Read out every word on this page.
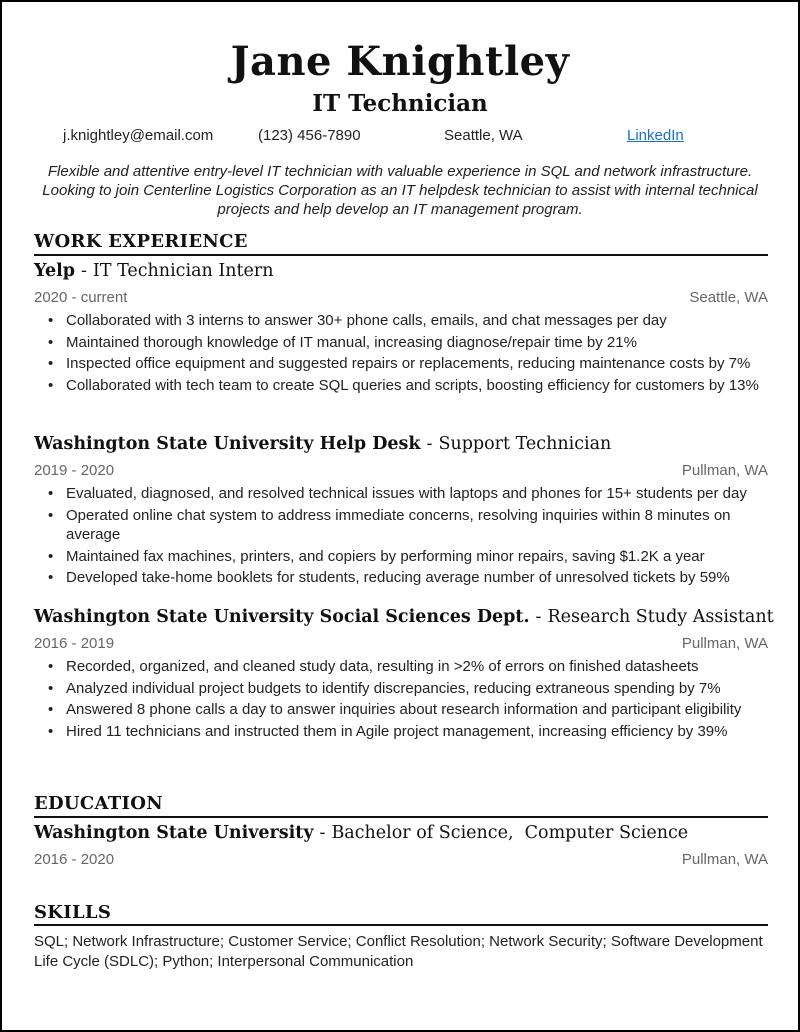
Jane Knightley
IT Technician
j.knightley@email.com	(123) 456-7890	Seattle, WA	LinkedIn
Flexible and attentive entry-level IT technician with valuable experience in SQL and network infrastructure. Looking to join Centerline Logistics Corporation as an IT helpdesk technician to assist with internal technical projects and help develop an IT management program.
WORK EXPERIENCE
Yelp - IT Technician Intern
2020 - current	Seattle, WA
• Collaborated with 3 interns to answer 30+ phone calls, emails, and chat messages per day
• Maintained thorough knowledge of IT manual, increasing diagnose/repair time by 21%
• Inspected office equipment and suggested repairs or replacements, reducing maintenance costs by 7%
• Collaborated with tech team to create SQL queries and scripts, boosting efficiency for customers by 13%
Washington State University Help Desk - Support Technician
2019 - 2020	Pullman, WA
• Evaluated, diagnosed, and resolved technical issues with laptops and phones for 15+ students per day
• Operated online chat system to address immediate concerns, resolving inquiries within 8 minutes on average
• Maintained fax machines, printers, and copiers by performing minor repairs, saving $1.2K a year
• Developed take-home booklets for students, reducing average number of unresolved tickets by 59%
Washington State University Social Sciences Dept. - Research Study Assistant
2016 - 2019	Pullman, WA
• Recorded, organized, and cleaned study data, resulting in >2% of errors on finished datasheets
• Analyzed individual project budgets to identify discrepancies, reducing extraneous spending by 7%
• Answered 8 phone calls a day to answer inquiries about research information and participant eligibility
• Hired 11 technicians and instructed them in Agile project management, increasing efficiency by 39%
EDUCATION
Washington State University - Bachelor of Science,  Computer Science
2016 - 2020	Pullman, WA
SKILLS
SQL; Network Infrastructure; Customer Service; Conflict Resolution; Network Security; Software Development Life Cycle (SDLC); Python; Interpersonal Communication
